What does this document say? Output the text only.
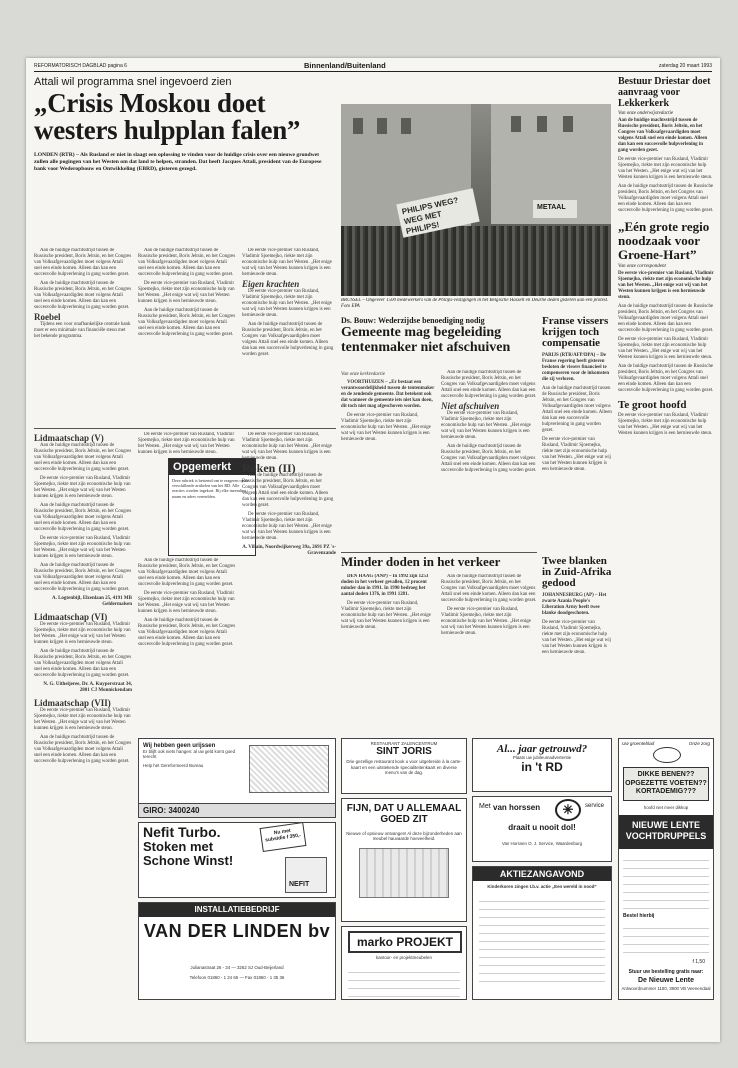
REFORMATORISCH DAGBLAD pagina 6	Binnenland/Buitenland	zaterdag 20 maart 1993
Attali wil programma snel ingevoerd zien
„Crisis Moskou doet westers hulpplan falen”
LONDEN (RTR) – Als Rusland er niet in slaagt een oplossing te vinden voor de huidige crisis over een nieuwe grondwet zullen alle pogingen van het Westen om dat land te helpen, stranden. Dat heeft Jacques Attali, president van de Europese bank voor Wederopbouw en Ontwikkeling (EBRD), gisteren gezegd.

Aan de huidige machtsstrijd tussen de Russische president, Boris Jeltsin, en het Congres van Volksafgevaardigden moet volgens Attali snel een einde komen. Alleen dan kan een succesvolle hulpverlening in gang worden gezet.

Aan de huidige machtsstrijd tussen de Russische president, Boris Jeltsin, en het Congres van Volksafgevaardigden moet volgens Attali snel een einde komen. Alleen dan kan een succesvolle hulpverlening in gang worden gezet.

Roebel

Tijdens een voor onafhankelijke centrale bank moet er een minimale van financiële steun met het bekende programma.

Aan de huidige machtsstrijd tussen de Russische president, Boris Jeltsin, en het Congres van Volksafgevaardigden moet volgens Attali snel een einde komen. Alleen dan kan een succesvolle hulpverlening in gang worden gezet.

De eerste vice-premier van Rusland, Vladimir Sjoemejko, riekte met zijn economische hulp van het Westen. „Het enige wat wij van het Westen kunnen krijgen is een hernieuwde steun.

Aan de huidige machtsstrijd tussen de Russische president, Boris Jeltsin, en het Congres van Volksafgevaardigden moet volgens Attali snel een einde komen. Alleen dan kan een succesvolle hulpverlening in gang worden gezet.

De eerste vice-premier van Rusland, Vladimir Sjoemejko, riekte met zijn economische hulp van het Westen. „Het enige wat wij van het Westen kunnen krijgen is een hernieuwde steun.

Eigen krachten

De eerste vice-premier van Rusland, Vladimir Sjoemejko, riekte met zijn economische hulp van het Westen. „Het enige wat wij van het Westen kunnen krijgen is een hernieuwde steun.

Aan de huidige machtsstrijd tussen de Russische president, Boris Jeltsin, en het Congres van Volksafgevaardigden moet volgens Attali snel een einde komen. Alleen dan kan een succesvolle hulpverlening in gang worden gezet.

Lidmaatschap (V)

Aan de huidige machtsstrijd tussen de Russische president, Boris Jeltsin, en het Congres van Volksafgevaardigden moet volgens Attali snel een einde komen. Alleen dan kan een succesvolle hulpverlening in gang worden gezet.

De eerste vice-premier van Rusland, Vladimir Sjoemejko, riekte met zijn economische hulp van het Westen. „Het enige wat wij van het Westen kunnen krijgen is een hernieuwde steun.

Aan de huidige machtsstrijd tussen de Russische president, Boris Jeltsin, en het Congres van Volksafgevaardigden moet volgens Attali snel een einde komen. Alleen dan kan een succesvolle hulpverlening in gang worden gezet.

De eerste vice-premier van Rusland, Vladimir Sjoemejko, riekte met zijn economische hulp van het Westen. „Het enige wat wij van het Westen kunnen krijgen is een hernieuwde steun.

Aan de huidige machtsstrijd tussen de Russische president, Boris Jeltsin, en het Congres van Volksafgevaardigden moet volgens Attali snel een einde komen. Alleen dan kan een succesvolle hulpverlening in gang worden gezet.

A. Logtenbijl, Elzenlaan 25, 4191 MB Geldermalsen
Lidmaatschap (VI)

De eerste vice-premier van Rusland, Vladimir Sjoemejko, riekte met zijn economische hulp van het Westen. „Het enige wat wij van het Westen kunnen krijgen is een hernieuwde steun.

Aan de huidige machtsstrijd tussen de Russische president, Boris Jeltsin, en het Congres van Volksafgevaardigden moet volgens Attali snel een einde komen. Alleen dan kan een succesvolle hulpverlening in gang worden gezet.

N. G. Uitheijeree, Dr. A. Kuyperstraat 34, 2801 CJ Monnickendam
Lidmaatschap (VII)

De eerste vice-premier van Rusland, Vladimir Sjoemejko, riekte met zijn economische hulp van het Westen. „Het enige wat wij van het Westen kunnen krijgen is een hernieuwde steun.

Aan de huidige machtsstrijd tussen de Russische president, Boris Jeltsin, en het Congres van Volksafgevaardigden moet volgens Attali snel een einde komen. Alleen dan kan een succesvolle hulpverlening in gang worden gezet.

De eerste vice-premier van Rusland, Vladimir Sjoemejko, riekte met zijn economische hulp van het Westen. „Het enige wat wij van het Westen kunnen krijgen is een hernieuwde steun.

Opgemerkt
Deze rubriek is bestemd om te reageren op de verschillende artikelen van het RD. Alle reacties worden ingekort. Bij elke inzending naam en adres vermelden.

Aan de huidige machtsstrijd tussen de Russische president, Boris Jeltsin, en het Congres van Volksafgevaardigden moet volgens Attali snel een einde komen. Alleen dan kan een succesvolle hulpverlening in gang worden gezet.

De eerste vice-premier van Rusland, Vladimir Sjoemejko, riekte met zijn economische hulp van het Westen. „Het enige wat wij van het Westen kunnen krijgen is een hernieuwde steun.

Aan de huidige machtsstrijd tussen de Russische president, Boris Jeltsin, en het Congres van Volksafgevaardigden moet volgens Attali snel een einde komen. Alleen dan kan een succesvolle hulpverlening in gang worden gezet.

De eerste vice-premier van Rusland, Vladimir Sjoemejko, riekte met zijn economische hulp van het Westen. „Het enige wat wij van het Westen kunnen krijgen is een hernieuwde steun.

Roken (II)

Aan de huidige machtsstrijd tussen de Russische president, Boris Jeltsin, en het Congres van Volksafgevaardigden moet volgens Attali snel een einde komen. Alleen dan kan een succesvolle hulpverlening in gang worden gezet.

De eerste vice-premier van Rusland, Vladimir Sjoemejko, riekte met zijn economische hulp van het Westen. „Het enige wat wij van het Westen kunnen krijgen is een hernieuwde steun.

A. Villain, Noordwijkerweg 39a, 2691 PZ 's-Gravenzande
PHILIPS WEG? WEG MET PHILIPS!
METAAL
BRUSSEL – Ongeveer 1500 medewerkers van de Philips-vestigingen in het Belgische Hasselt en Deurne deden gisteren aan een protest. Foto EPA
Ds. Bouw: Wederzijdse benoediging nodig
Gemeente mag begeleiding tentenmaker niet afschuiven
Van onze kerkredactie

VOORTHUIZEN – „Er bestaat een verantwoordelijkheid tussen de tentenmaker en de zendende gemeente. Dat betekent ook dat wanneer de gemeente iets niet kan doen, dit toch niet mag afgeschoven worden.

De eerste vice-premier van Rusland, Vladimir Sjoemejko, riekte met zijn economische hulp van het Westen. „Het enige wat wij van het Westen kunnen krijgen is een hernieuwde steun.

Aan de huidige machtsstrijd tussen de Russische president, Boris Jeltsin, en het Congres van Volksafgevaardigden moet volgens Attali snel een einde komen. Alleen dan kan een succesvolle hulpverlening in gang worden gezet.

Niet afschuiven

De eerste vice-premier van Rusland, Vladimir Sjoemejko, riekte met zijn economische hulp van het Westen. „Het enige wat wij van het Westen kunnen krijgen is een hernieuwde steun.

Aan de huidige machtsstrijd tussen de Russische president, Boris Jeltsin, en het Congres van Volksafgevaardigden moet volgens Attali snel een einde komen. Alleen dan kan een succesvolle hulpverlening in gang worden gezet.

Franse vissers krijgen toch compensatie
PARIJS (RTR/AFP/DPA) – De Franse regering heeft gisteren besloten de vissers financieel te compenseren voor de inkomsten die zij verloren.
Aan de huidige machtsstrijd tussen de Russische president, Boris Jeltsin, en het Congres van Volksafgevaardigden moet volgens Attali snel een einde komen. Alleen dan kan een succesvolle hulpverlening in gang worden gezet.
De eerste vice-premier van Rusland, Vladimir Sjoemejko, riekte met zijn economische hulp van het Westen. „Het enige wat wij van het Westen kunnen krijgen is een hernieuwde steun.
Minder doden in het verkeer

DEN HAAG (ANP) – In 1992 zijn 1253 doden in het verkeer gevallen, 12 procent minder dan in 1991. In 1990 bedroeg het aantal doden 1376, in 1991 1281.

De eerste vice-premier van Rusland, Vladimir Sjoemejko, riekte met zijn economische hulp van het Westen. „Het enige wat wij van het Westen kunnen krijgen is een hernieuwde steun.

Aan de huidige machtsstrijd tussen de Russische president, Boris Jeltsin, en het Congres van Volksafgevaardigden moet volgens Attali snel een einde komen. Alleen dan kan een succesvolle hulpverlening in gang worden gezet.

De eerste vice-premier van Rusland, Vladimir Sjoemejko, riekte met zijn economische hulp van het Westen. „Het enige wat wij van het Westen kunnen krijgen is een hernieuwde steun.

Twee blanken in Zuid-Afrika gedood
JOHANNESBURG (AP) – Het zwarte Azania People's Liberation Army heeft twee blanke doodgeschoten.
De eerste vice-premier van Rusland, Vladimir Sjoemejko, riekte met zijn economische hulp van het Westen. „Het enige wat wij van het Westen kunnen krijgen is een hernieuwde steun.
Bestuur Driestar doet aanvraag voor Lekkerkerk
Van onze onderwijsredactie
Aan de huidige machtsstrijd tussen de Russische president, Boris Jeltsin, en het Congres van Volksafgevaardigden moet volgens Attali snel een einde komen. Alleen dan kan een succesvolle hulpverlening in gang worden gezet.
De eerste vice-premier van Rusland, Vladimir Sjoemejko, riekte met zijn economische hulp van het Westen. „Het enige wat wij van het Westen kunnen krijgen is een hernieuwde steun.
Aan de huidige machtsstrijd tussen de Russische president, Boris Jeltsin, en het Congres van Volksafgevaardigden moet volgens Attali snel een einde komen. Alleen dan kan een succesvolle hulpverlening in gang worden gezet.
„Eén grote regio noodzaak voor Groene-Hart”
Van onze correspondent
De eerste vice-premier van Rusland, Vladimir Sjoemejko, riekte met zijn economische hulp van het Westen. „Het enige wat wij van het Westen kunnen krijgen is een hernieuwde steun.
Aan de huidige machtsstrijd tussen de Russische president, Boris Jeltsin, en het Congres van Volksafgevaardigden moet volgens Attali snel een einde komen. Alleen dan kan een succesvolle hulpverlening in gang worden gezet.
De eerste vice-premier van Rusland, Vladimir Sjoemejko, riekte met zijn economische hulp van het Westen. „Het enige wat wij van het Westen kunnen krijgen is een hernieuwde steun.
Aan de huidige machtsstrijd tussen de Russische president, Boris Jeltsin, en het Congres van Volksafgevaardigden moet volgens Attali snel een einde komen. Alleen dan kan een succesvolle hulpverlening in gang worden gezet.
Te groot hoofd
De eerste vice-premier van Rusland, Vladimir Sjoemejko, riekte met zijn economische hulp van het Westen. „Het enige wat wij van het Westen kunnen krijgen is een hernieuwde steun.
Wij hebben geen urijssen
Er blijft ook niets hangen: al uw geld komt goed terecht
Help het Gereformeerd Bureau
GIRO: 3400240
Nefit Turbo.
Stoken met Schone Winst!
Nu met subsidie f 350,-
NEFIT
INSTALLATIEBEDRIJF
VAN DER LINDEN bv
Julianastraat 26 - 34 — 3262 SJ Oud-Beijerland
Telefoon 01860 - 1 24 66 — Fax 01860 - 1 35 36
RESTAURANT ZALENCENTRUM
SINT JORIS
Drie gezellige restaurant kook u voor uitgebreide à la carte-kaart en een uitstekende specialiteitenkaart en diverse menu's van de dag.
FIJN, DAT U ALLEMAAL GOED ZIT
Nieuwe of opnieuw ontvangen! Al deze bijzonderheden aan meubel hauvaarde hoeveelheid.
marko PROJEKT
kantoor- en projektmeubelen
Al... jaar getrouwd?
Plaats uw jubileumadvertentie
in 't RD
Met van horssen	✳	service
draait u nooit dol!
Van Horssen O. J. Service, Waardenburg
AKTIEZANGAVOND
Kinderkoren zingen t.b.v. actie „Een wereld in nood”
Uw groenteblad	Onze zorg
DIKKE BENEN?? OPGEZETTE VOETEN?? KORTADEMIG???
hoofd niet meer dikkop
NIEUWE LENTE VOCHTDRUPPELS
Bestel hierbij
f 1,50
Stuur uw bestelling gratis naar:
De Nieuwe Lente
Antwoordnummer 1150, 3900 VB Veenendaal
